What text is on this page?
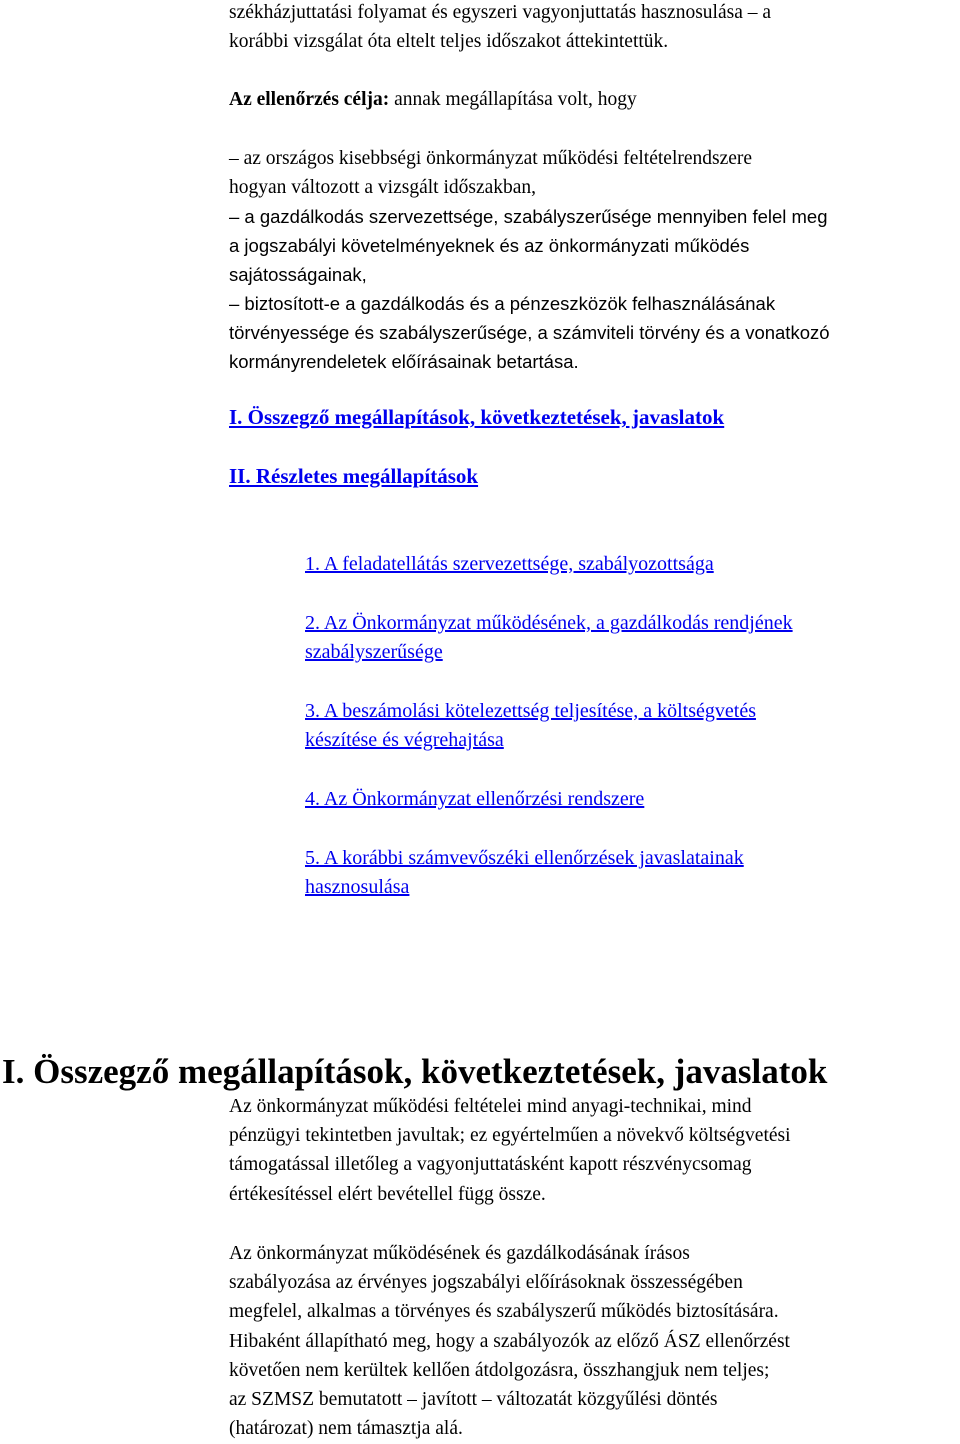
székházjuttatási folyamat és egyszeri vagyonjuttatás hasznosulása – a
korábbi vizsgálat óta eltelt teljes időszakot áttekintettük.
Az ellenőrzés célja: annak megállapítása volt, hogy
– az országos kisebbségi önkormányzat működési feltételrendszere
hogyan változott a vizsgált időszakban,
– a gazdálkodás szervezettsége, szabályszerűsége mennyiben felel meg
a jogszabályi követelményeknek és az önkormányzati működés
sajátosságainak,
– biztosított-e a gazdálkodás és a pénzeszközök felhasználásának
törvényessége és szabályszerűsége, a számviteli törvény és a vonatkozó
kormányrendeletek előírásainak betartása.
I. Összegző megállapítások, következtetések, javaslatok
II. Részletes megállapítások
1. A feladatellátás szervezettsége, szabályozottsága
2. Az Önkormányzat működésének, a gazdálkodás rendjének
szabályszerűsége
3. A beszámolási kötelezettség teljesítése, a költségvetés
készítése és végrehajtása
4. Az Önkormányzat ellenőrzési rendszere
5. A korábbi számvevőszéki ellenőrzések javaslatainak
hasznosulása
I. Összegző megállapítások, következtetések, javaslatok
Az önkormányzat működési feltételei mind anyagi-technikai, mind
pénzügyi tekintetben javultak; ez egyértelműen a növekvő költségvetési
támogatással illetőleg a vagyonjuttatásként kapott részvénycsomag
értékesítéssel elért bevétellel függ össze.
Az önkormányzat működésének és gazdálkodásának írásos
szabályozása az érvényes jogszabályi előírásoknak összességében
megfelel, alkalmas a törvényes és szabályszerű működés biztosítására.
Hibaként állapítható meg, hogy a szabályozók az előző ÁSZ ellenőrzést
követően nem kerültek kellően átdolgozásra, összhangjuk nem teljes;
az SZMSZ bemutatott – javított – változatát közgyűlési döntés
(határozat) nem támasztja alá.
